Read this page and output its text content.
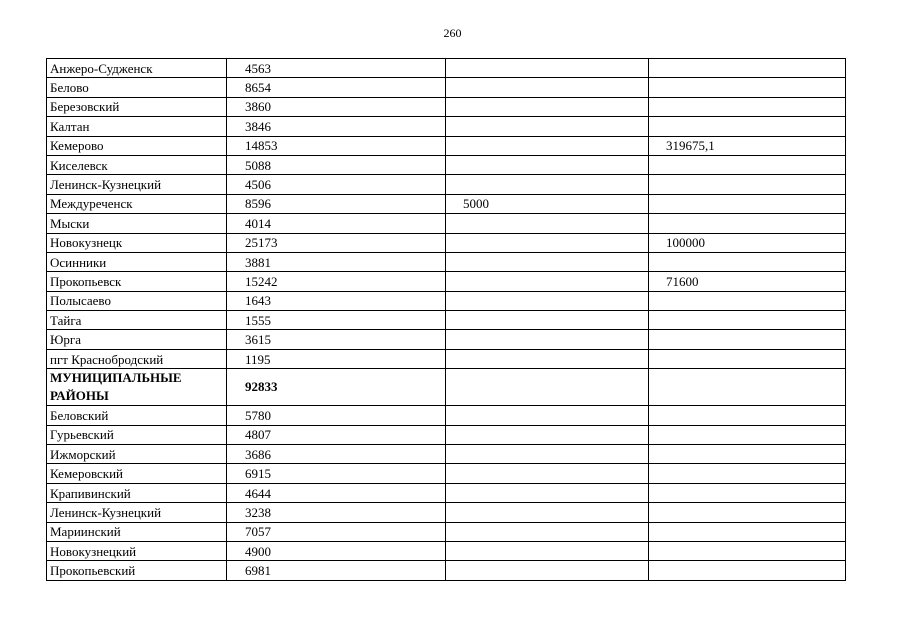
260
Анжеро-Судженск	4563		
Белово	8654		
Березовский	3860		
Калтан	3846		
Кемерово	14853		319675,1
Киселевск	5088		
Ленинск-Кузнецкий	4506		
Междуреченск	8596	5000	
Мыски	4014		
Новокузнецк	25173		100000
Осинники	3881		
Прокопьевск	15242		71600
Полысаево	1643		
Тайга	1555		
Юрга	3615		
пгт Краснобродский	1195		
МУНИЦИПАЛЬНЫЕ РАЙОНЫ	92833		
Беловский	5780		
Гурьевский	4807		
Ижморский	3686		
Кемеровский	6915		
Крапивинский	4644		
Ленинск-Кузнецкий	3238		
Мариинский	7057		
Новокузнецкий	4900		
Прокопьевский	6981		
